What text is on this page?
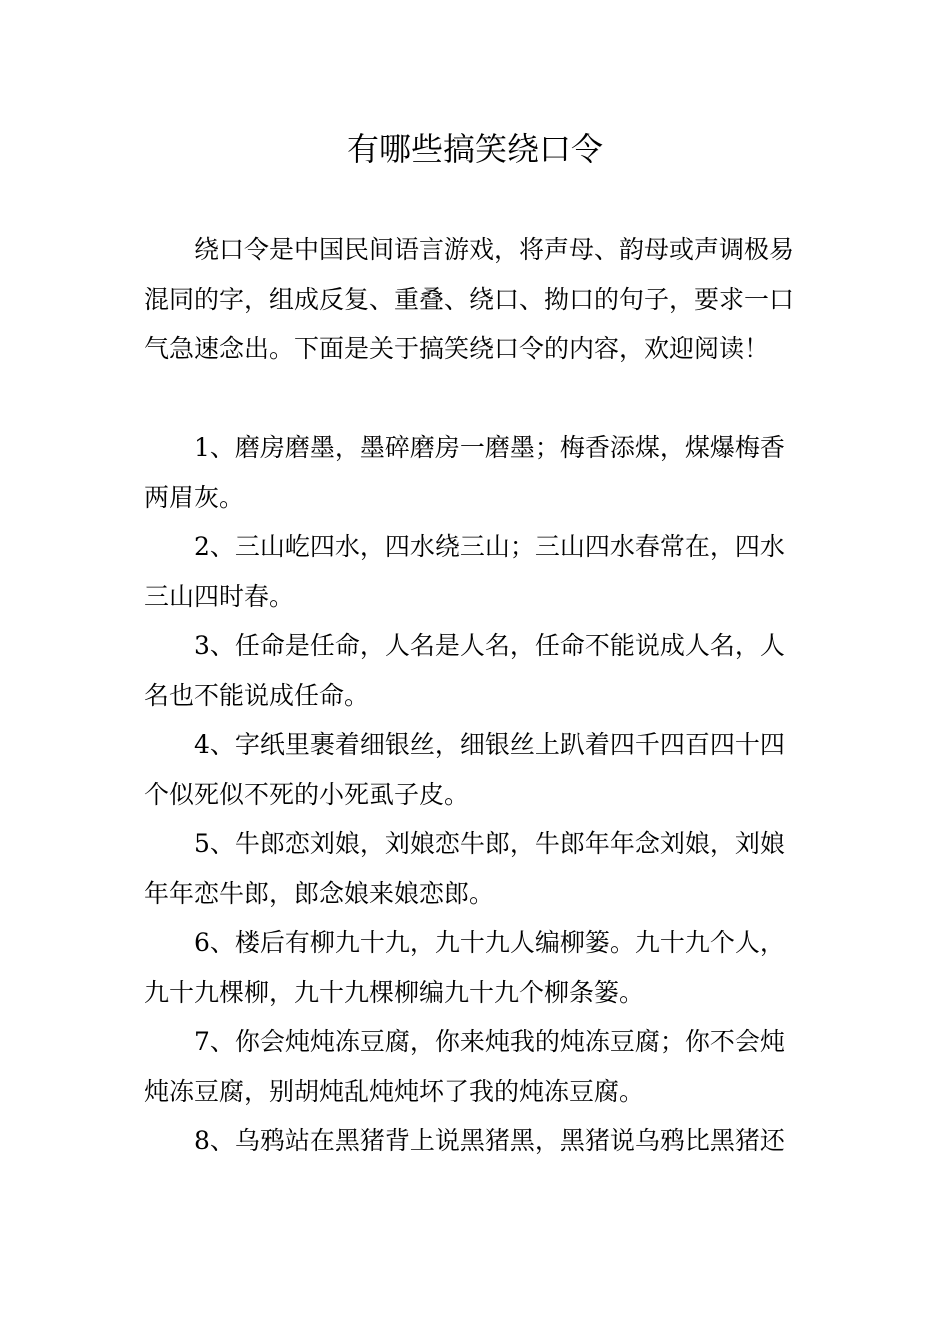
有哪些搞笑绕口令

绕口令是中国民间语言游戏，将声母、韵母或声调极易混同的字，组成反复、重叠、绕口、拗口的句子，要求一口气急速念出。下面是关于搞笑绕口令的内容，欢迎阅读！

1、磨房磨墨，墨碎磨房一磨墨；梅香添煤，煤爆梅香两眉灰。

2、三山屹四水，四水绕三山；三山四水春常在，四水三山四时春。

3、任命是任命，人名是人名，任命不能说成人名，人名也不能说成任命。

4、字纸里裹着细银丝，细银丝上趴着四千四百四十四个似死似不死的小死虱子皮。

5、牛郎恋刘娘，刘娘恋牛郎，牛郎年年念刘娘，刘娘年年恋牛郎，郎念娘来娘恋郎。

6、楼后有柳九十九，九十九人编柳篓。九十九个人，九十九棵柳，九十九棵柳编九十九个柳条篓。

7、你会炖炖冻豆腐，你来炖我的炖冻豆腐；你不会炖炖冻豆腐，别胡炖乱炖炖坏了我的炖冻豆腐。

8、乌鸦站在黑猪背上说黑猪黑，黑猪说乌鸦比黑猪还
